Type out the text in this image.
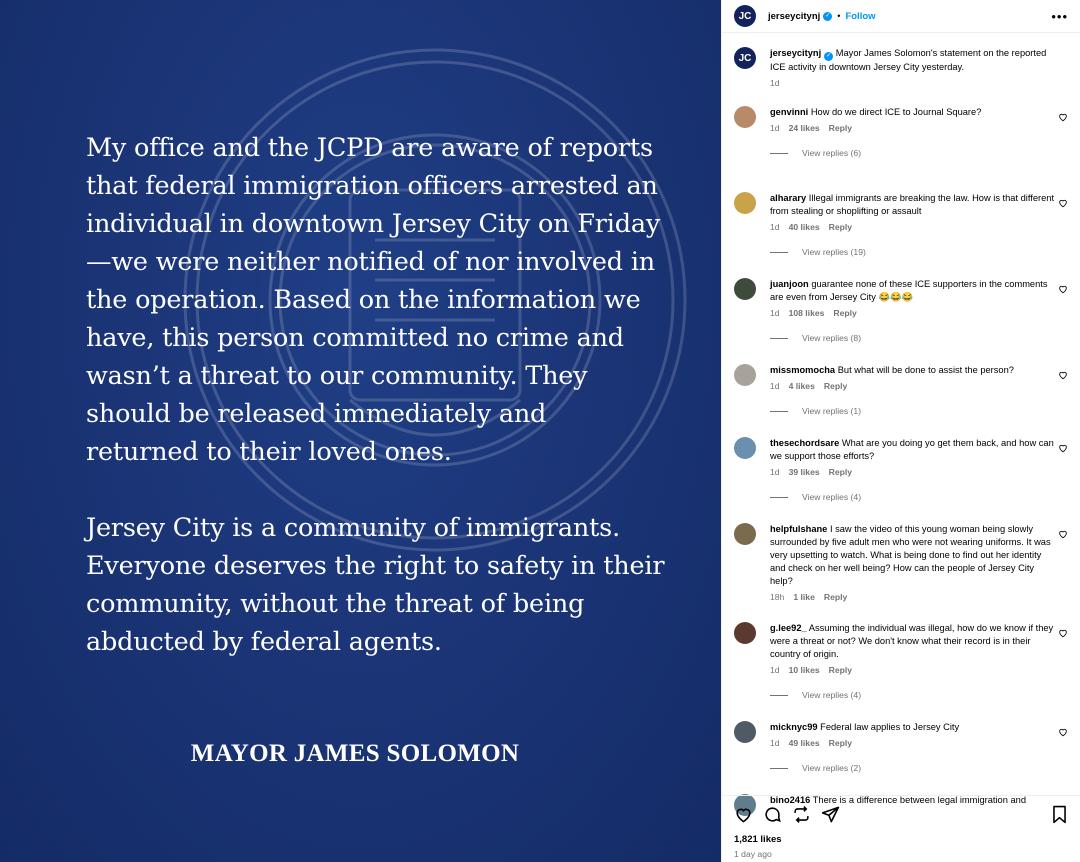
My office and the JCPD are aware of reports that federal immigration officers arrested an individual in downtown Jersey City on Friday—we were neither notified of nor involved in the operation. Based on the information we have, this person committed no crime and wasn’t a threat to our community. They should be released immediately and returned to their loved ones.

Jersey City is a community of immigrants. Everyone deserves the right to safety in their community, without the threat of being abducted by federal agents.

MAYOR JAMES SOLOMON
JC	jerseycitynj ✓ • Follow	•••
JC	jerseycitynj ✓ Mayor James Solomon's statement on the reported ICE activity in downtown Jersey City yesterday.
1d
genvinni How do we direct ICE to Journal Square?
1d 24 likes Reply
View replies (6)
alharary Illegal immigrants are breaking the law. How is that different from stealing or shoplifting or assault
1d 40 likes Reply
View replies (19)
juanjoon guarantee none of these ICE supporters in the comments are even from Jersey City 😂😂😂
1d 108 likes Reply
View replies (8)
missmomocha But what will be done to assist the person?
1d 4 likes Reply
View replies (1)
thesechordsare What are you doing yo get them back, and how can we support those efforts?
1d 39 likes Reply
View replies (4)
helpfulshane I saw the video of this young woman being slowly surrounded by five adult men who were not wearing uniforms. It was very upsetting to watch. What is being done to find out her identity and check on her well being? How can the people of Jersey City help?
18h 1 like Reply
g.lee92_ Assuming the individual was illegal, how do we know if they were a threat or not? We don't know what their record is in their country of origin.
1d 10 likes Reply
View replies (4)
micknyc99 Federal law applies to Jersey City
1d 49 likes Reply
View replies (2)
bino2416 There is a difference between legal immigration and
1,821 likes
1 day ago
